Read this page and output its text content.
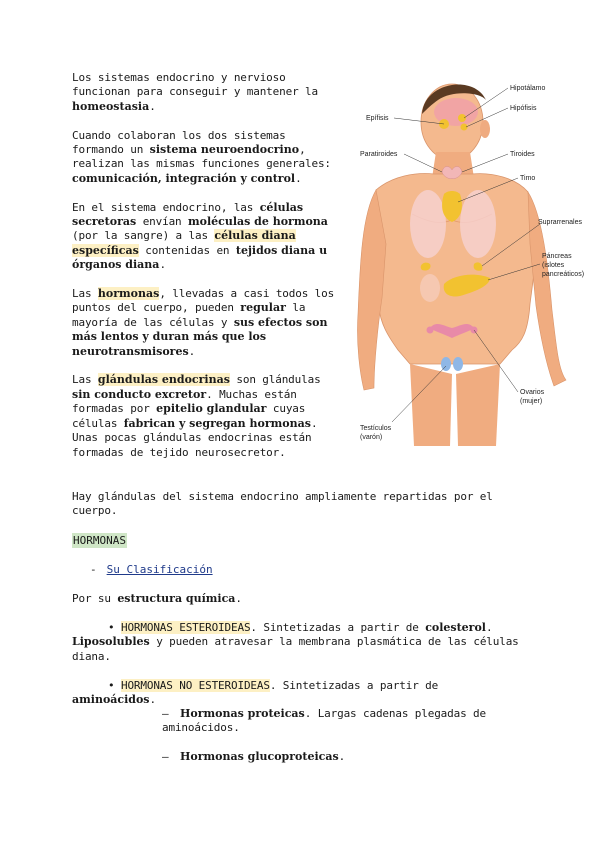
Los sistemas endocrino y nervioso funcionan para conseguir y mantener la homeostasia.

Cuando colaboran los dos sistemas formando un sistema neuroendocrino, realizan las mismas funciones generales: comunicación, integración y control.

En el sistema endocrino, las células secretoras envían moléculas de hormona (por la sangre) a las células diana específicas contenidas en tejidos diana u órganos diana.

Las hormonas, llevadas a casi todos los puntos del cuerpo, pueden regular la mayoría de las células y sus efectos son más lentos y duran más que los neurotransmisores.

Las glándulas endocrinas son glándulas sin conducto excretor. Muchas están formadas por epitelio glandular cuyas células fabrican y segregan hormonas. Unas pocas glándulas endocrinas están formadas de tejido neurosecretor.

Hipotálamo
Hipófisis
Epífisis
Paratiroides	Tiroides
Timo
Suprarrenales
Páncreas
(islotes
pancreáticos)
Ovarios
(mujer)
Testículos
(varón)
Hay glándulas del sistema endocrino ampliamente repartidas por el cuerpo.
HORMONAS
- Su Clasificación
Por su estructura química.
• HORMONAS ESTEROIDEAS. Sintetizadas a partir de colesterol.
Liposolubles y pueden atravesar la membrana plasmática de las células diana.
• HORMONAS NO ESTEROIDEAS. Sintetizadas a partir de
aminoácidos.
– Hormonas proteicas. Largas cadenas plegadas de aminoácidos.
– Hormonas glucoproteicas.
